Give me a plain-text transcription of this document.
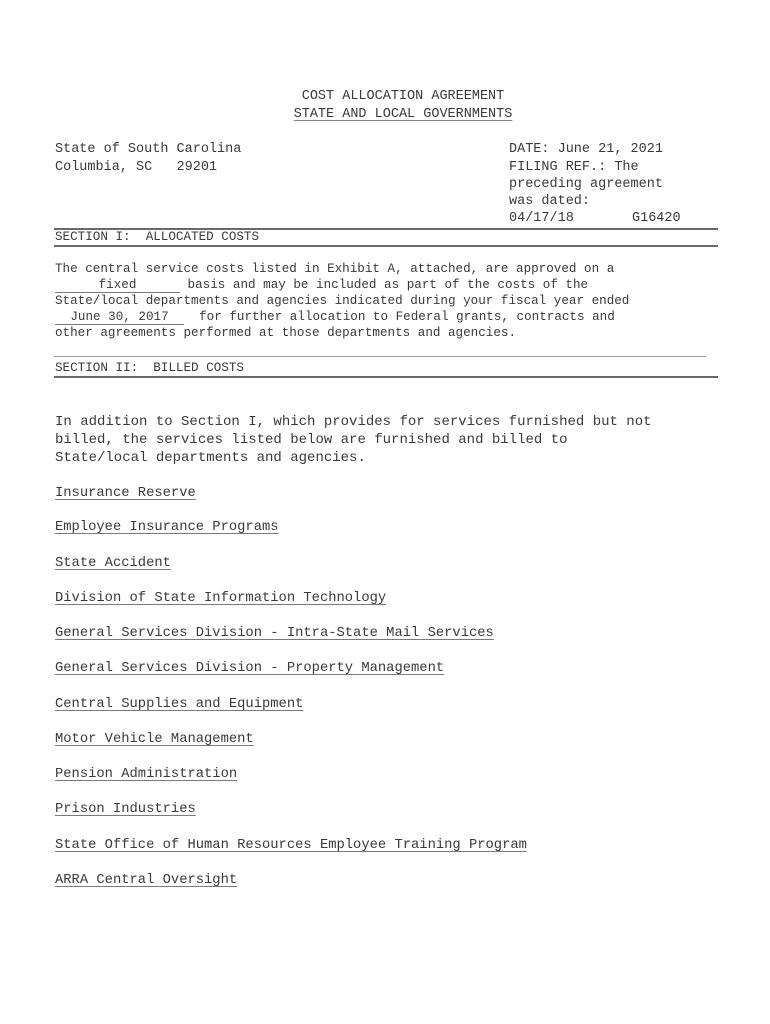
COST ALLOCATION AGREEMENT
STATE AND LOCAL GOVERNMENTS
State of South Carolina
Columbia, SC   29201
DATE: June 21, 2021
FILING REF.: The
preceding agreement
was dated:
04/17/18	G16420
SECTION I:  ALLOCATED COSTS
The central service costs listed in Exhibit A, attached, are approved on a
fixed	basis and may be included as part of the costs of the
State/local departments and agencies indicated during your fiscal year ended
June 30, 2017  for further allocation to Federal grants, contracts and
other agreements performed at those departments and agencies.
SECTION II:  BILLED COSTS
In addition to Section I, which provides for services furnished but not
billed, the services listed below are furnished and billed to
State/local departments and agencies.
Insurance Reserve
Employee Insurance Programs
State Accident
Division of State Information Technology
General Services Division - Intra-State Mail Services
General Services Division - Property Management
Central Supplies and Equipment
Motor Vehicle Management
Pension Administration
Prison Industries
State Office of Human Resources Employee Training Program
ARRA Central Oversight
